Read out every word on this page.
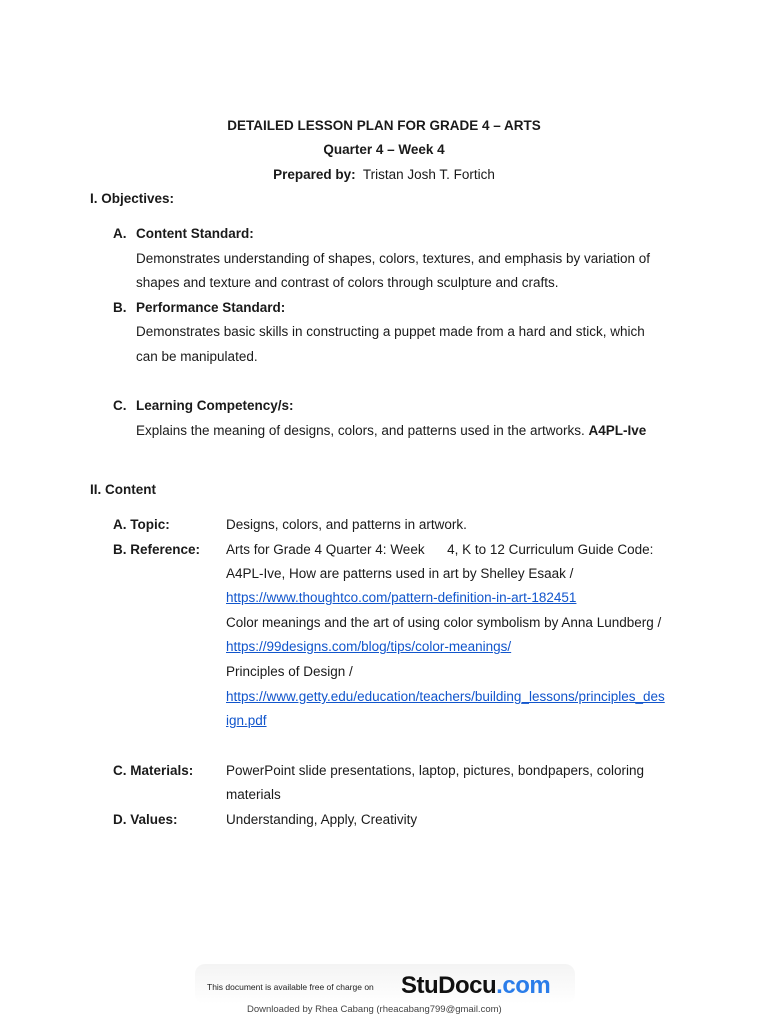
DETAILED LESSON PLAN FOR GRADE 4 – ARTS
Quarter 4 – Week 4
Prepared by: Tristan Josh T. Fortich
I. Objectives:
A. Content Standard:
Demonstrates understanding of shapes, colors, textures, and emphasis by variation of
shapes and texture and contrast of colors through sculpture and crafts.
B. Performance Standard:
Demonstrates basic skills in constructing a puppet made from a hard and stick, which
can be manipulated.
C. Learning Competency/s:
Explains the meaning of designs, colors, and patterns used in the artworks. A4PL-Ive
II. Content
A. Topic:	Designs, colors, and patterns in artwork.
B. Reference: Arts for Grade 4 Quarter 4: Week      4, K to 12 Curriculum Guide Code:
A4PL-Ive, How are patterns used in art by Shelley Esaak /
https://www.thoughtco.com/pattern-definition-in-art-182451
Color meanings and the art of using color symbolism by Anna Lundberg /
https://99designs.com/blog/tips/color-meanings/
Principles of Design /
https://www.getty.edu/education/teachers/building_lessons/principles_des
ign.pdf
C. Materials: PowerPoint slide presentations, laptop, pictures, bondpapers, coloring
materials
D. Values:	Understanding, Apply, Creativity
This document is available free of charge on StuDocu.com
Downloaded by Rhea Cabang (rheacabang799@gmail.com)
